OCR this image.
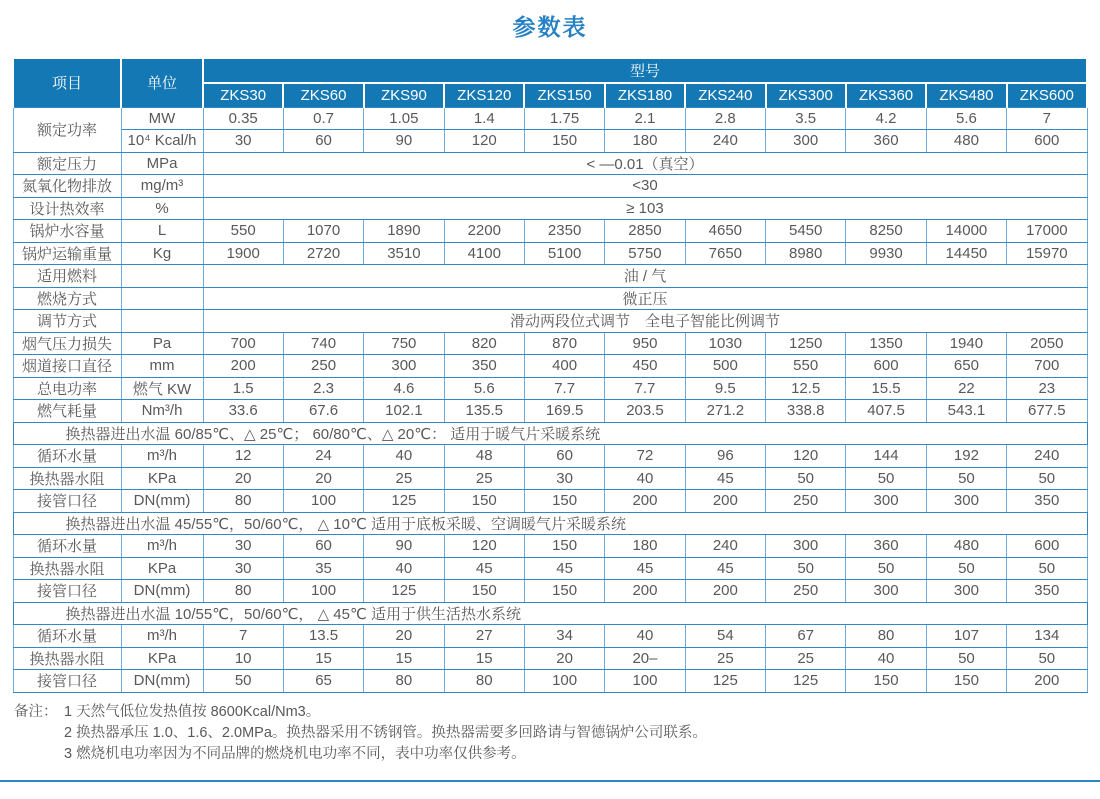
参数表
项目	单位	型号										
		ZKS30	ZKS60	ZKS90	ZKS120	ZKS150	ZKS180	ZKS240	ZKS300	ZKS360	ZKS480	ZKS600
额定功率	MW	0.35	0.7	1.05	1.4	1.75	2.1	2.8	3.5	4.2	5.6	7
	10⁴ Kcal/h	30	60	90	120	150	180	240	300	360	480	600
额定压力	MPa	< —0.01（真空）										
氮氧化物排放	mg/m³	<30										
设计热效率	%	≥ 103										
锅炉水容量	L	550	1070	1890	2200	2350	2850	4650	5450	8250	14000	17000
锅炉运输重量	Kg	1900	2720	3510	4100	5100	5750	7650	8980	9930	14450	15970
适用燃料		油 / 气										
燃烧方式		微正压										
调节方式		滑动两段位式调节　全电子智能比例调节										
烟气压力损失	Pa	700	740	750	820	870	950	1030	1250	1350	1940	2050
烟道接口直径	mm	200	250	300	350	400	450	500	550	600	650	700
总电功率	燃气 KW	1.5	2.3	4.6	5.6	7.7	7.7	9.5	12.5	15.5	22	23
燃气耗量	Nm³/h	33.6	67.6	102.1	135.5	169.5	203.5	271.2	338.8	407.5	543.1	677.5
换热器进出水温 60/85℃、△ 25℃； 60/80℃、△ 20℃： 适用于暖气片采暖系统												
循环水量	m³/h	12	24	40	48	60	72	96	120	144	192	240
换热器水阻	KPa	20	20	25	25	30	40	45	50	50	50	50
接管口径	DN(mm)	80	100	125	150	150	200	200	250	300	300	350
换热器进出水温 45/55℃，50/60℃， △ 10℃ 适用于底板采暖、空调暖气片采暖系统												
循环水量	m³/h	30	60	90	120	150	180	240	300	360	480	600
换热器水阻	KPa	30	35	40	45	45	45	45	50	50	50	50
接管口径	DN(mm)	80	100	125	150	150	200	200	250	300	300	350
换热器进出水温 10/55℃，50/60℃， △ 45℃ 适用于供生活热水系统												
循环水量	m³/h	7	13.5	20	27	34	40	54	67	80	107	134
换热器水阻	KPa	10	15	15	15	20	20–	25	25	40	50	50
接管口径	DN(mm)	50	65	80	80	100	100	125	125	150	150	200
备注： 1 天然气低位发热值按 8600Kcal/Nm3。
2 换热器承压 1.0、1.6、2.0MPa。换热器采用不锈钢管。换热器需要多回路请与智德锅炉公司联系。
3 燃烧机电功率因为不同品牌的燃烧机电功率不同，表中功率仅供参考。
